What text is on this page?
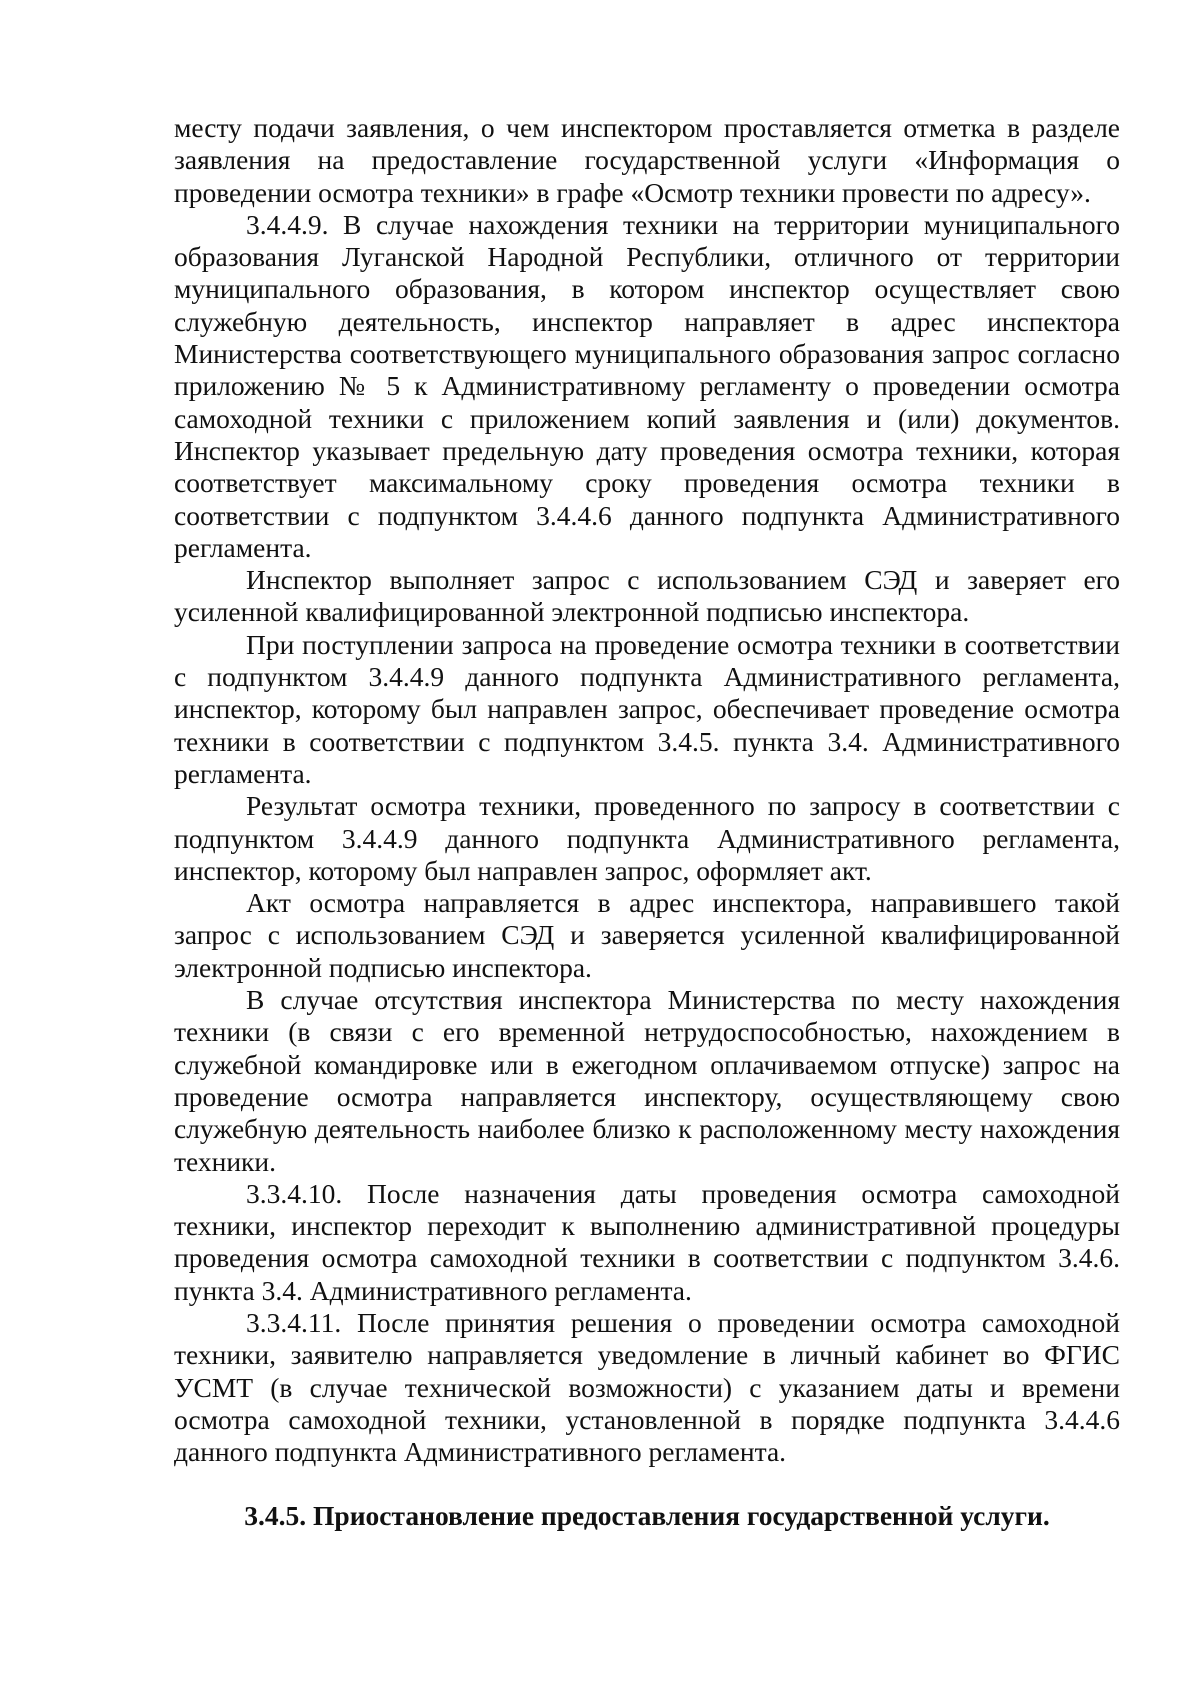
месту подачи заявления, о чем инспектором проставляется отметка в разделе заявления на предоставление государственной услуги «Информация о проведении осмотра техники» в графе «Осмотр техники провести по адресу».

3.4.4.9. В случае нахождения техники на территории муниципального образования Луганской Народной Республики, отличного от территории муниципального образования, в котором инспектор осуществляет свою служебную деятельность, инспектор направляет в адрес инспектора Министерства соответствующего муниципального образования запрос согласно приложению № 5 к Административному регламенту о проведении осмотра самоходной техники с приложением копий заявления и (или) документов. Инспектор указывает предельную дату проведения осмотра техники, которая соответствует максимальному сроку проведения осмотра техники в соответствии с подпунктом 3.4.4.6 данного подпункта Административного регламента.

Инспектор выполняет запрос с использованием СЭД и заверяет его усиленной квалифицированной электронной подписью инспектора.

При поступлении запроса на проведение осмотра техники в соответствии с подпунктом 3.4.4.9 данного подпункта Административного регламента, инспектор, которому был направлен запрос, обеспечивает проведение осмотра техники в соответствии с подпунктом 3.4.5. пункта 3.4. Административного регламента.

Результат осмотра техники, проведенного по запросу в соответствии с подпунктом 3.4.4.9 данного подпункта Административного регламента, инспектор, которому был направлен запрос, оформляет акт.

Акт осмотра направляется в адрес инспектора, направившего такой запрос с использованием СЭД и заверяется усиленной квалифицированной электронной подписью инспектора.

В случае отсутствия инспектора Министерства по месту нахождения техники (в связи с его временной нетрудоспособностью, нахождением в служебной командировке или в ежегодном оплачиваемом отпуске) запрос на проведение осмотра направляется инспектору, осуществляющему свою служебную деятельность наиболее близко к расположенному месту нахождения техники.

3.3.4.10. После назначения даты проведения осмотра самоходной техники, инспектор переходит к выполнению административной процедуры проведения осмотра самоходной техники в соответствии с подпунктом 3.4.6. пункта 3.4. Административного регламента.

3.3.4.11. После принятия решения о проведении осмотра самоходной техники, заявителю направляется уведомление в личный кабинет во ФГИС УСМТ (в случае технической возможности) с указанием даты и времени осмотра самоходной техники, установленной в порядке подпункта 3.4.4.6 данного подпункта Административного регламента.

3.4.5. Приостановление предоставления государственной услуги.
